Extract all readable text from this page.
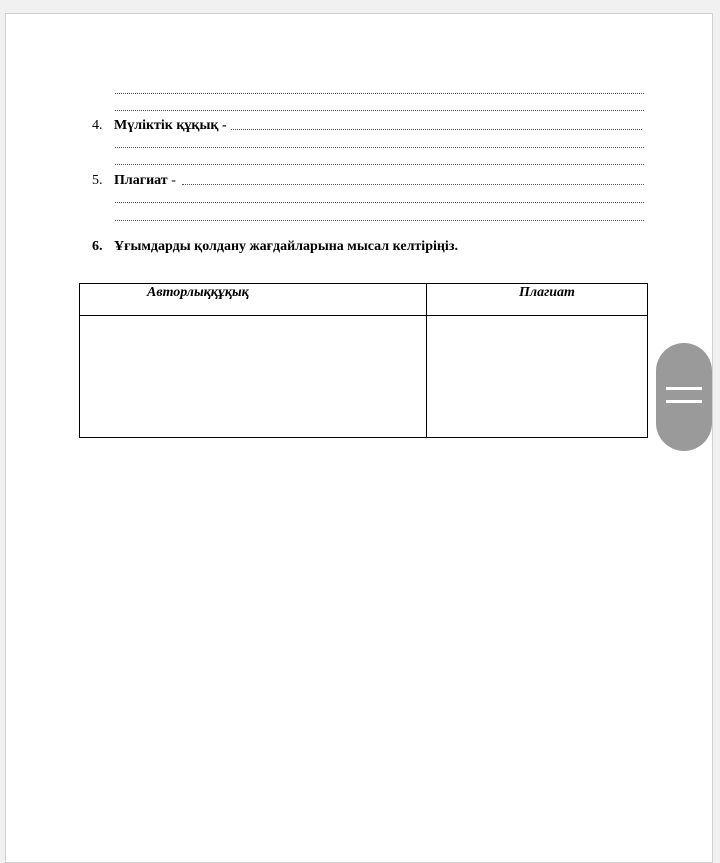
4. Мүліктік құқық -
5. Плагиат -
6. Ұғымдарды қолдану жағдайларына мысал келтіріңіз.
Авторлыққұқық	Плагиат
